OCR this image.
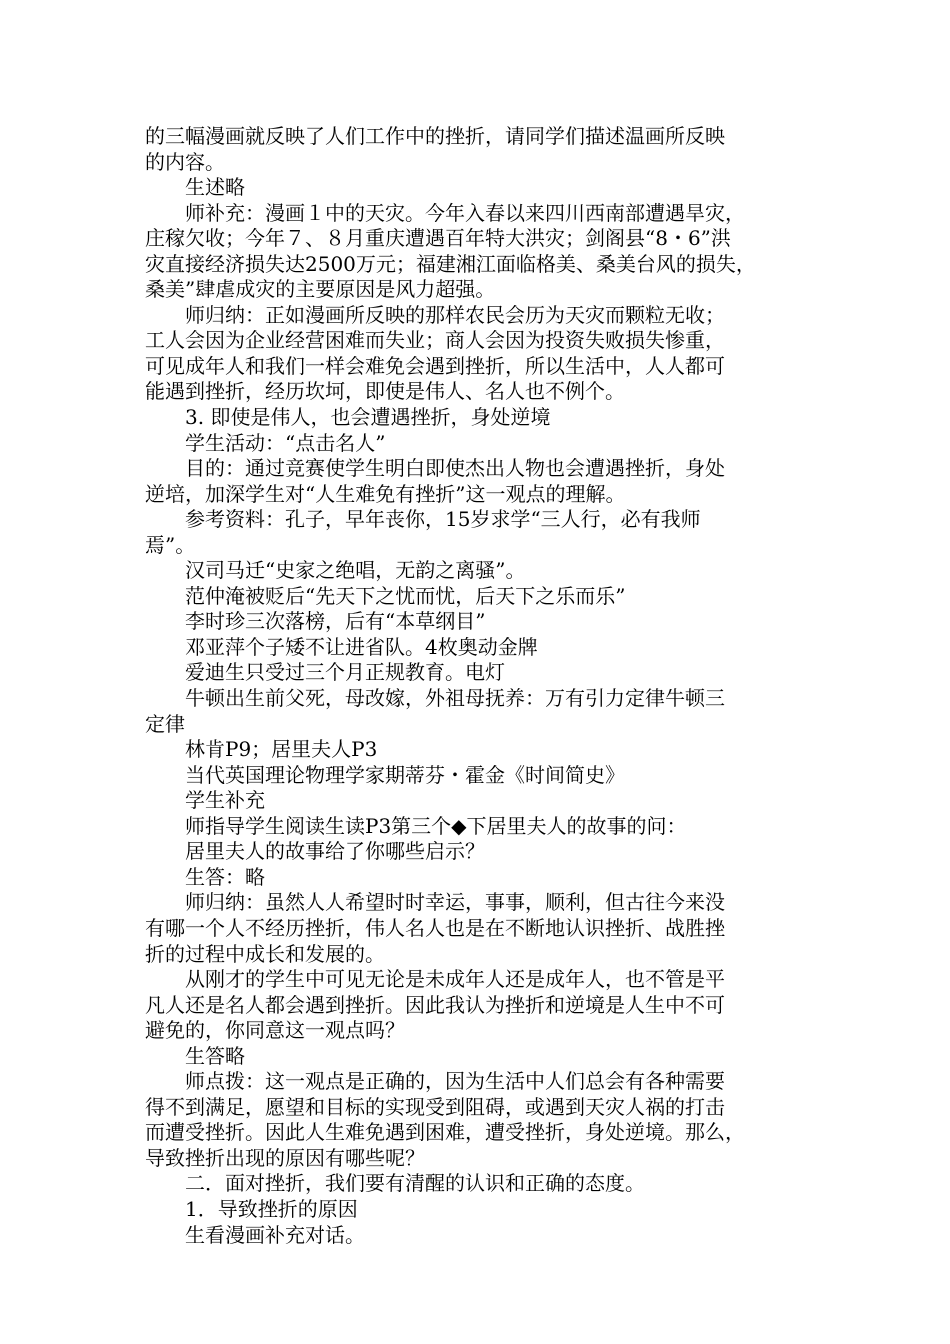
的三幅漫画就反映了人们工作中的挫折，请同学们描述温画所反映

的内容。

生述略

师补充：漫画１中的天灾。今年入春以来四川西南部遭遇旱灾，

庄稼欠收；今年７、８月重庆遭遇百年特大洪灾；剑阁县“8・6”洪

灾直接经济损失达2500万元；福建湘江面临格美、桑美台风的损失，

桑美”肆虐成灾的主要原因是风力超强。

师归纳：正如漫画所反映的那样农民会历为天灾而颗粒无收；

工人会因为企业经营困难而失业；商人会因为投资失败损失惨重，

可见成年人和我们一样会难免会遇到挫折，所以生活中，人人都可

能遇到挫折，经历坎坷，即使是伟人、名人也不例个。

3. 即使是伟人，也会遭遇挫折，身处逆境

学生活动：“点击名人”

目的：通过竞赛使学生明白即使杰出人物也会遭遇挫折，身处

逆培，加深学生对“人生难免有挫折”这一观点的理解。

参考资料：孔子，早年丧你，15岁求学“三人行，必有我师

焉”。

汉司马迁“史家之绝唱，无韵之离骚”。

范仲淹被贬后“先天下之忧而忧，后天下之乐而乐”

李时珍三次落榜，后有“本草纲目”

邓亚萍个子矮不让进省队。4枚奥动金牌

爱迪生只受过三个月正规教育。电灯

牛顿出生前父死，母改嫁，外祖母抚养：万有引力定律牛顿三

定律

林肯P9；居里夫人P3

当代英国理论物理学家期蒂芬・霍金《时间简史》

学生补充

师指导学生阅读生读P3第三个◆下居里夫人的故事的问：

居里夫人的故事给了你哪些启示？

生答：略

师归纳：虽然人人希望时时幸运，事事，顺利，但古往今来没

有哪一个人不经历挫折，伟人名人也是在不断地认识挫折、战胜挫

折的过程中成长和发展的。

从刚才的学生中可见无论是未成年人还是成年人，也不管是平

凡人还是名人都会遇到挫折。因此我认为挫折和逆境是人生中不可

避免的，你同意这一观点吗？

生答略

师点拨：这一观点是正确的，因为生活中人们总会有各种需要

得不到满足，愿望和目标的实现受到阻碍，或遇到天灾人祸的打击

而遭受挫折。因此人生难免遇到困难，遭受挫折，身处逆境。那么，

导致挫折出现的原因有哪些呢？

二．面对挫折，我们要有清醒的认识和正确的态度。

1．导致挫折的原因

生看漫画补充对话。
